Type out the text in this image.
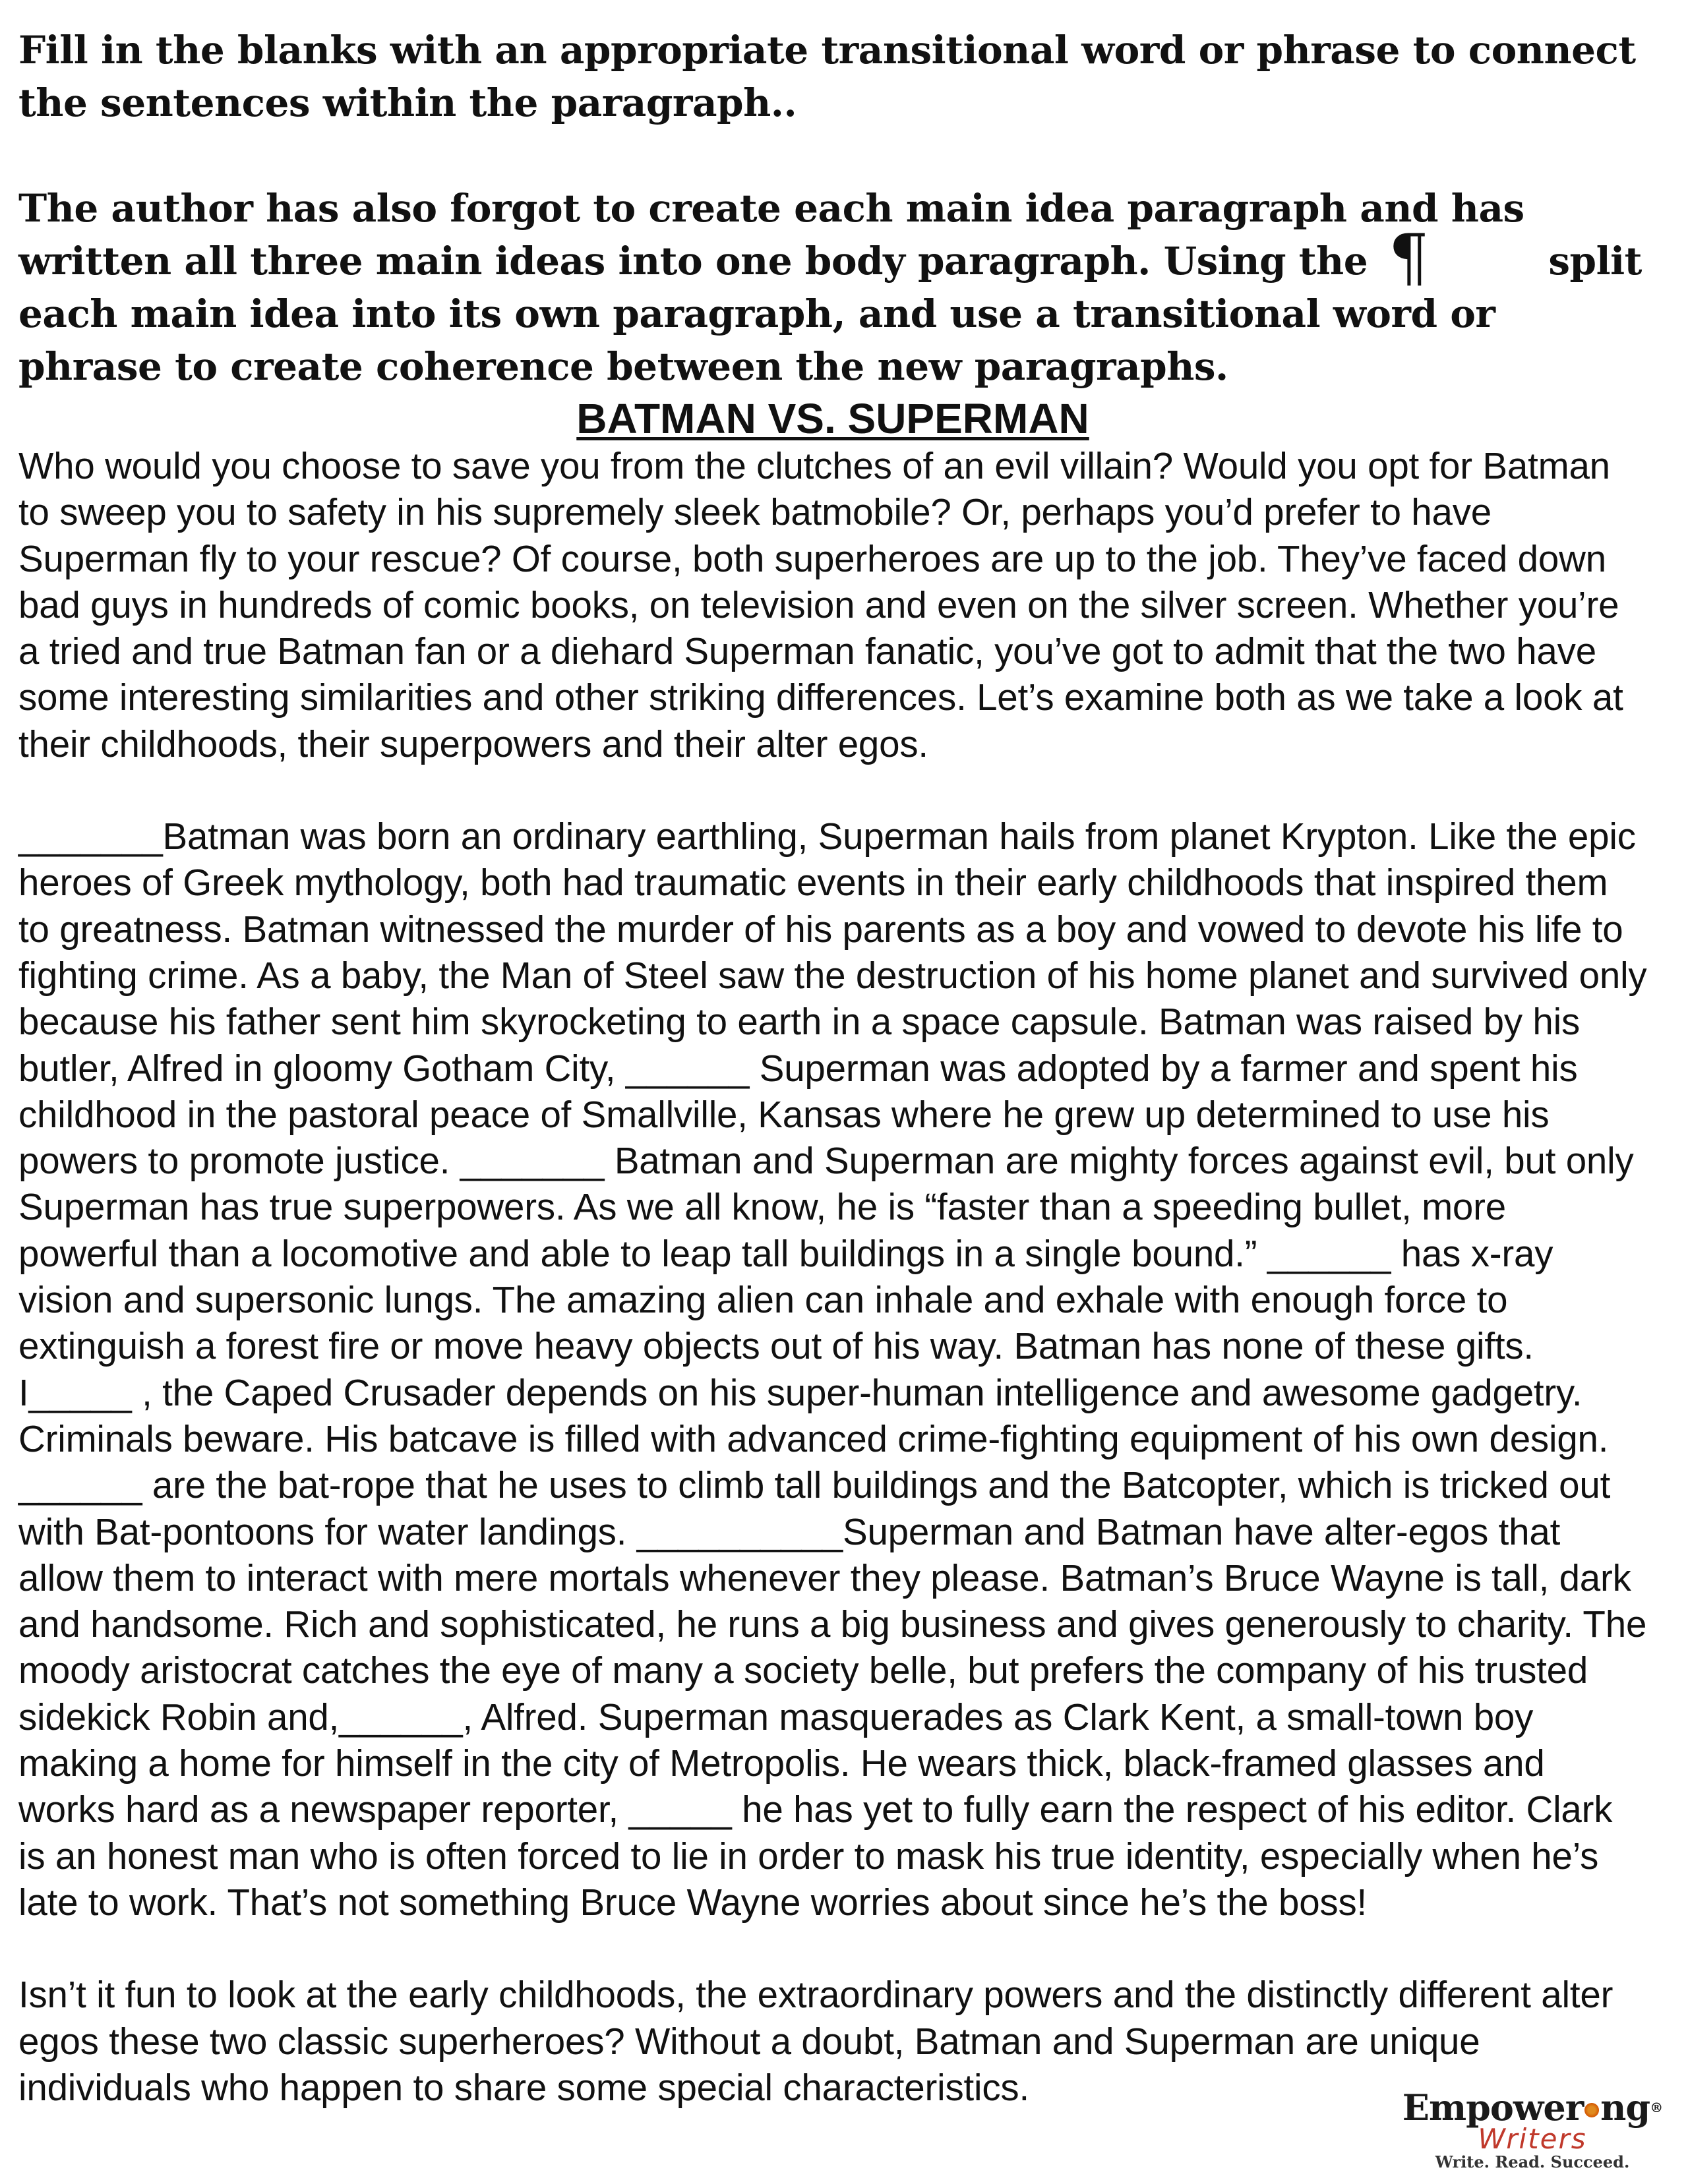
Fill in the blanks with an appropriate transitional word or phrase to connect the sentences within the paragraph..

The author has also forgot to create each main idea paragraph and has written all three main ideas into one body paragraph. Using the ¶	split each main idea into its own paragraph, and use a transitional word or phrase to create coherence between the new paragraphs.

BATMAN VS. SUPERMAN

Who would you choose to save you from the clutches of an evil villain? Would you opt for Batman to sweep you to safety in his supremely sleek batmobile? Or, perhaps you’d prefer to have Superman fly to your rescue? Of course, both superheroes are up to the job. They’ve faced down bad guys in hundreds of comic books, on television and even on the silver screen. Whether you’re a tried and true Batman fan or a diehard Superman fanatic, you’ve got to admit that the two have some interesting similarities and other striking differences. Let’s examine both as we take a look at their childhoods, their superpowers and their alter egos.

_______Batman was born an ordinary earthling, Superman hails from planet Krypton. Like the epic heroes of Greek mythology, both had traumatic events in their early childhoods that inspired them to greatness. Batman witnessed the murder of his parents as a boy and vowed to devote his life to fighting crime. As a baby, the Man of Steel saw the destruction of his home planet and survived only because his father sent him skyrocketing to earth in a space capsule. Batman was raised by his butler, Alfred in gloomy Gotham City, ______ Superman was adopted by a farmer and spent his childhood in the pastoral peace of Smallville, Kansas where he grew up determined to use his powers to promote justice. _______ Batman and Superman are mighty forces against evil, but only Superman has true superpowers. As we all know, he is “faster than a speeding bullet, more powerful than a locomotive and able to leap tall buildings in a single bound.” ______ has x-ray vision and supersonic lungs. The amazing alien can inhale and exhale with enough force to extinguish a forest fire or move heavy objects out of his way. Batman has none of these gifts. I_____ , the Caped Crusader depends on his super-human intelligence and awesome gadgetry. Criminals beware. His batcave is filled with advanced crime-fighting equipment of his own design. ______ are the bat-rope that he uses to climb tall buildings and the Batcopter, which is tricked out with Bat-pontoons for water landings. __________Superman and Batman have alter-egos that allow them to interact with mere mortals whenever they please. Batman’s Bruce Wayne is tall, dark and handsome. Rich and sophisticated, he runs a big business and gives generously to charity. The moody aristocrat catches the eye of many a society belle, but prefers the company of his trusted sidekick Robin and,______, Alfred. Superman masquerades as Clark Kent, a small-town boy making a home for himself in the city of Metropolis. He wears thick, black-framed glasses and works hard as a newspaper reporter, _____ he has yet to fully earn the respect of his editor. Clark is an honest man who is often forced to lie in order to mask his true identity, especially when he’s late to work. That’s not something Bruce Wayne worries about since he’s the boss!

Isn’t it fun to look at the early childhoods, the extraordinary powers and the distinctly different alter egos these two classic superheroes? Without a doubt, Batman and Superman are unique individuals who happen to share some special characteristics.	Empower ng®
Writers
Write. Read. Succeed.
